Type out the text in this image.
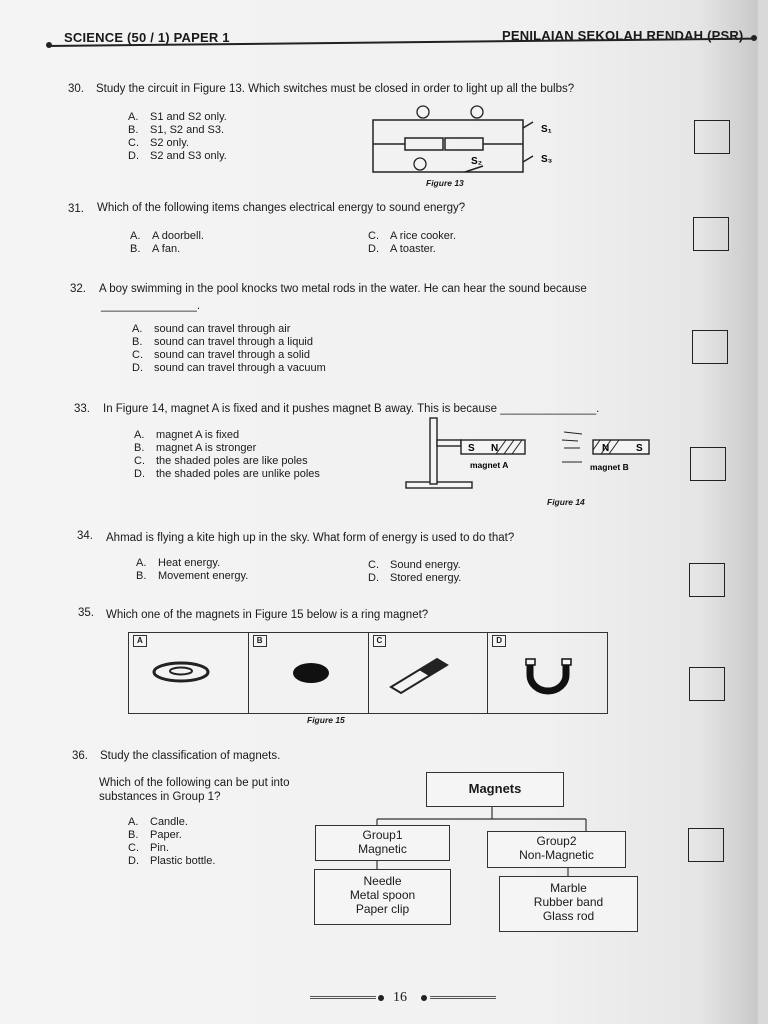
SCIENCE (50 / 1) PAPER 1	PENILAIAN SEKOLAH RENDAH (PSR)
30. Study the circuit in Figure 13. Which switches must be closed in order to light up all the bulbs?
A. S1 and S2 only.
B. S1, S2 and S3.
C. S2 only.
D. S2 and S3 only.
S₁
S₃
S₂
Figure 13
31. Which of the following items changes electrical energy to sound energy?
A. A doorbell.
B. A fan.
C. A rice cooker.
D. A toaster.
32. A boy swimming in the pool knocks two metal rods in the water. He can hear the sound because
_______________.
A. sound can travel through air
B. sound can travel through a liquid
C. sound can travel through a solid
D. sound can travel through a vacuum
33. In Figure 14, magnet A is fixed and it pushes magnet B away. This is because _______________.
A. magnet A is fixed
B. magnet A is stronger
C. the shaded poles are like poles
D. the shaded poles are unlike poles
S N	N	S
magnet A	magnet B
Figure 14
34. Ahmad is flying a kite high up in the sky. What form of energy is used to do that?
A. Heat energy.
B. Movement energy.
C. Sound energy.
D. Stored energy.
35. Which one of the magnets in Figure 15 below is a ring magnet?
A	B	C	D
Figure 15
36. Study the classification of magnets.
Which of the following can be put into
substances in Group 1?
A. Candle.
B. Paper.
C. Pin.
D. Plastic bottle.
Magnets
Group1
Magnetic
Group2
Non-Magnetic
Needle
Metal spoon
Paper clip
Marble
Rubber band
Glass rod
16
